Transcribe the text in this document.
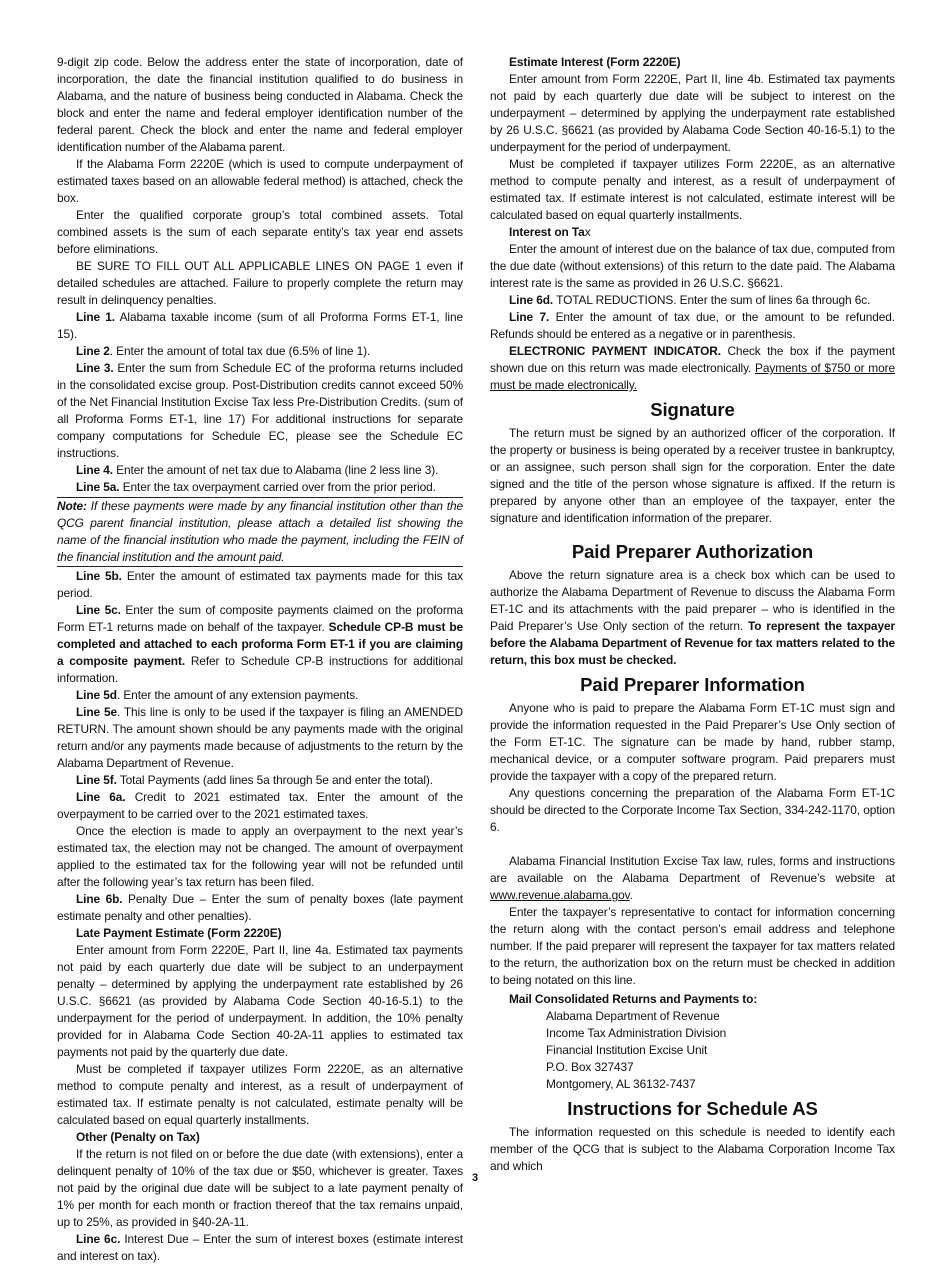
9-digit zip code. Below the address enter the state of incorporation, date of incorporation, the date the financial institution qualified to do business in Alabama, and the nature of business being conducted in Alabama. Check the block and enter the name and federal employer identification number of the federal parent. Check the block and enter the name and federal employer identification number of the Alabama parent.

If the Alabama Form 2220E (which is used to compute underpayment of estimated taxes based on an allowable federal method) is attached, check the box.

Enter the qualified corporate group’s total combined assets. Total combined assets is the sum of each separate entity’s tax year end assets before eliminations.

BE SURE TO FILL OUT ALL APPLICABLE LINES ON PAGE 1 even if detailed schedules are attached. Failure to properly complete the return may result in delinquency penalties.

Line 1. Alabama taxable income (sum of all Proforma Forms ET-1, line 15).

Line 2. Enter the amount of total tax due (6.5% of line 1).

Line 3. Enter the sum from Schedule EC of the proforma returns included in the consolidated excise group. Post-Distribution credits cannot exceed 50% of the Net Financial Institution Excise Tax less Pre-Distribution Credits. (sum of all Proforma Forms ET-1, line 17) For additional instructions for separate company computations for Schedule EC, please see the Schedule EC instructions.

Line 4. Enter the amount of net tax due to Alabama (line 2 less line 3).

Line 5a. Enter the tax overpayment carried over from the prior period.

Note: If these payments were made by any financial institution other than the QCG parent financial institution, please attach a detailed list showing the name of the financial institution who made the payment, including the FEIN of the financial institution and the amount paid.

Line 5b. Enter the amount of estimated tax payments made for this tax period.

Line 5c. Enter the sum of composite payments claimed on the proforma Form ET-1 returns made on behalf of the taxpayer. Schedule CP-B must be completed and attached to each proforma Form ET-1 if you are claiming a composite payment. Refer to Schedule CP-B instructions for additional information.

Line 5d. Enter the amount of any extension payments.

Line 5e. This line is only to be used if the taxpayer is filing an AMENDED RETURN. The amount shown should be any payments made with the original return and/or any payments made because of adjustments to the return by the Alabama Department of Revenue.

Line 5f. Total Payments (add lines 5a through 5e and enter the total).

Line 6a. Credit to 2021 estimated tax. Enter the amount of the overpayment to be carried over to the 2021 estimated taxes.

Once the election is made to apply an overpayment to the next year’s estimated tax, the election may not be changed. The amount of overpayment applied to the estimated tax for the following year will not be refunded until after the following year’s tax return has been filed.

Line 6b. Penalty Due – Enter the sum of penalty boxes (late payment estimate penalty and other penalties).

Late Payment Estimate (Form 2220E)

Enter amount from Form 2220E, Part II, line 4a. Estimated tax payments not paid by each quarterly due date will be subject to an underpayment penalty – determined by applying the underpayment rate established by 26 U.S.C. §6621 (as provided by Alabama Code Section 40-16-5.1) to the underpayment for the period of underpayment. In addition, the 10% penalty provided for in Alabama Code Section 40-2A-11 applies to estimated tax payments not paid by the quarterly due date.

Must be completed if taxpayer utilizes Form 2220E, as an alternative method to compute penalty and interest, as a result of underpayment of estimated tax. If estimate penalty is not calculated, estimate penalty will be calculated based on equal quarterly installments.

Other (Penalty on Tax)

If the return is not filed on or before the due date (with extensions), enter a delinquent penalty of 10% of the tax due or $50, whichever is greater. Taxes not paid by the original due date will be subject to a late payment penalty of 1% per month for each month or fraction thereof that the tax remains unpaid, up to 25%, as provided in §40-2A-11.

Line 6c. Interest Due – Enter the sum of interest boxes (estimate interest and interest on tax).

Estimate Interest (Form 2220E)

Enter amount from Form 2220E, Part II, line 4b. Estimated tax payments not paid by each quarterly due date will be subject to interest on the underpayment – determined by applying the underpayment rate established by 26 U.S.C. §6621 (as provided by Alabama Code Section 40-16-5.1) to the underpayment for the period of underpayment.

Must be completed if taxpayer utilizes Form 2220E, as an alternative method to compute penalty and interest, as a result of underpayment of estimated tax. If estimate interest is not calculated, estimate interest will be calculated based on equal quarterly installments.

Interest on Tax

Enter the amount of interest due on the balance of tax due, computed from the due date (without extensions) of this return to the date paid. The Alabama interest rate is the same as provided in 26 U.S.C. §6621.

Line 6d. TOTAL REDUCTIONS. Enter the sum of lines 6a through 6c.

Line 7. Enter the amount of tax due, or the amount to be refunded. Refunds should be entered as a negative or in parenthesis.

ELECTRONIC PAYMENT INDICATOR. Check the box if the payment shown due on this return was made electronically. Payments of $750 or more must be made electronically.

Signature

The return must be signed by an authorized officer of the corporation. If the property or business is being operated by a receiver trustee in bankruptcy, or an assignee, such person shall sign for the corporation. Enter the date signed and the title of the person whose signature is affixed. If the return is prepared by anyone other than an employee of the taxpayer, enter the signature and identification information of the preparer.

Paid Preparer Authorization

Above the return signature area is a check box which can be used to authorize the Alabama Department of Revenue to discuss the Alabama Form ET-1C and its attachments with the paid preparer – who is identified in the Paid Preparer’s Use Only section of the return. To represent the taxpayer before the Alabama Department of Revenue for tax matters related to the return, this box must be checked.

Paid Preparer Information

Anyone who is paid to prepare the Alabama Form ET-1C must sign and provide the information requested in the Paid Preparer’s Use Only section of the Form ET-1C. The signature can be made by hand, rubber stamp, mechanical device, or a computer software program. Paid preparers must provide the taxpayer with a copy of the prepared return.

Any questions concerning the preparation of the Alabama Form ET-1C should be directed to the Corporate Income Tax Section, 334-242-1170, option 6.

Alabama Financial Institution Excise Tax law, rules, forms and instructions are available on the Alabama Department of Revenue’s website at www.revenue.alabama.gov.

Enter the taxpayer’s representative to contact for information concerning the return along with the contact person’s email address and telephone number. If the paid preparer will represent the taxpayer for tax matters related to the return, the authorization box on the return must be checked in addition to being notated on this line.

Mail Consolidated Returns and Payments to:

Alabama Department of Revenue

Income Tax Administration Division

Financial Institution Excise Unit

P.O. Box 327437

Montgomery, AL 36132-7437

Instructions for Schedule AS

The information requested on this schedule is needed to identify each member of the QCG that is subject to the Alabama Corporation Income Tax and which

3
